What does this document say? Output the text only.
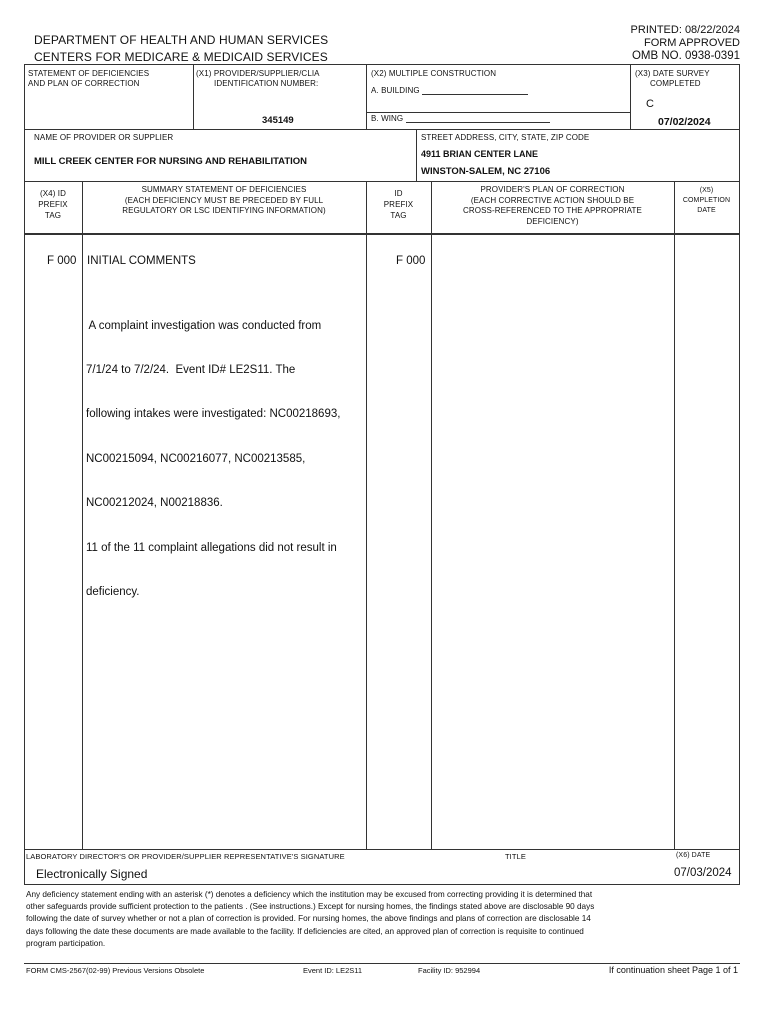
DEPARTMENT OF HEALTH AND HUMAN SERVICES
CENTERS FOR MEDICARE & MEDICAID SERVICES
PRINTED: 08/22/2024
FORM APPROVED
OMB NO. 0938-0391
STATEMENT OF DEFICIENCIES
AND PLAN OF CORRECTION
(X1) PROVIDER/SUPPLIER/CLIA
IDENTIFICATION NUMBER:
345149
(X2) MULTIPLE CONSTRUCTION
A. BUILDING
B. WING
(X3) DATE SURVEY
COMPLETED
C
07/02/2024
NAME OF PROVIDER OR SUPPLIER
MILL CREEK CENTER FOR NURSING AND REHABILITATION
STREET ADDRESS, CITY, STATE, ZIP CODE
4911 BRIAN CENTER LANE
WINSTON-SALEM, NC 27106
(X4) ID
PREFIX
TAG
SUMMARY STATEMENT OF DEFICIENCIES
(EACH DEFICIENCY MUST BE PRECEDED BY FULL
REGULATORY OR LSC IDENTIFYING INFORMATION)
ID
PREFIX
TAG
PROVIDER'S PLAN OF CORRECTION
(EACH CORRECTIVE ACTION SHOULD BE
CROSS-REFERENCED TO THE APPROPRIATE
DEFICIENCY)
(X5)
COMPLETION
DATE
F 000 INITIAL COMMENTS	F 000

A complaint investigation was conducted from

7/1/24 to 7/2/24.  Event ID# LE2S11. The

following intakes were investigated: NC00218693,

NC00215094, NC00216077, NC00213585,

NC00212024, N00218836.

11 of the 11 complaint allegations did not result in

deficiency.

LABORATORY DIRECTOR'S OR PROVIDER/SUPPLIER REPRESENTATIVE'S SIGNATURE	TITLE	(X6) DATE
Electronically Signed	07/03/2024
Any deficiency statement ending with an asterisk (*) denotes a deficiency which the institution may be excused from correcting providing it is determined that
other safeguards provide sufficient protection to the patients . (See instructions.) Except for nursing homes, the findings stated above are disclosable 90 days
following the date of survey whether or not a plan of correction is provided. For nursing homes, the above findings and plans of correction are disclosable 14
days following the date these documents are made available to the facility. If deficiencies are cited, an approved plan of correction is requisite to continued
program participation.
FORM CMS-2567(02-99) Previous Versions Obsolete	Event ID: LE2S11	Facility ID: 952994	If continuation sheet Page 1 of 1
